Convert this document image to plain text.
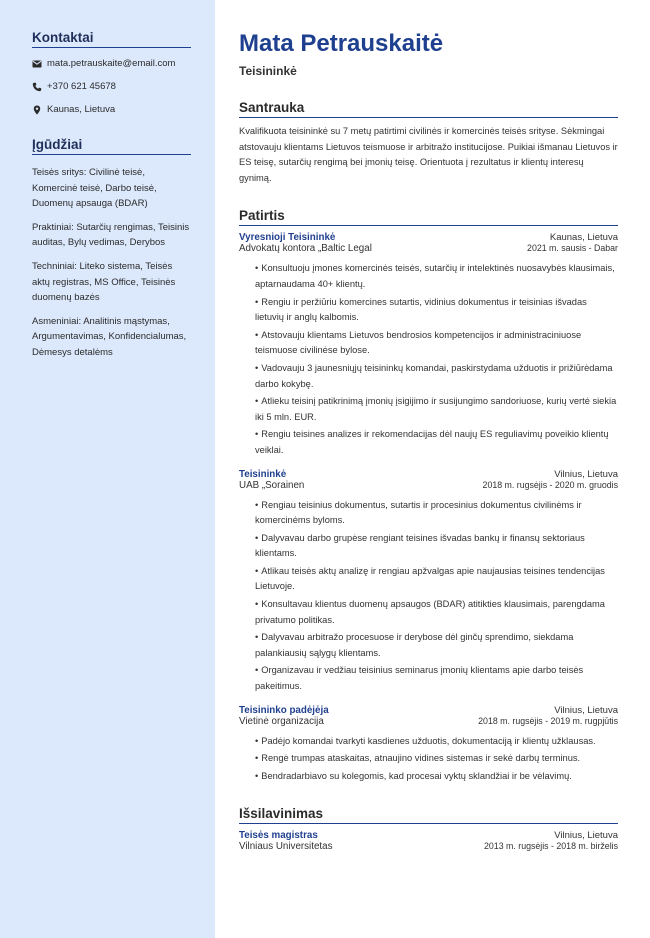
Kontaktai
mata.petrauskaite@email.com
+370 621 45678
Kaunas, Lietuva
Įgūdžiai
Teisės sritys: Civilinė teisė, Komercinė teisė, Darbo teisė, Duomenų apsauga (BDAR)
Praktiniai: Sutarčių rengimas, Teisinis auditas, Bylų vedimas, Derybos
Techniniai: Liteko sistema, Teisės aktų registras, MS Office, Teisinės duomenų bazės
Asmeniniai: Analitinis mąstymas, Argumentavimas, Konfidencialumas, Dėmesys detalėms
Mata Petrauskaitė
Teisininkė
Santrauka
Kvalifikuota teisininkė su 7 metų patirtimi civilinės ir komercinės teisės srityse. Sėkmingai atstovauju klientams Lietuvos teismuose ir arbitražo institucijose. Puikiai išmanau Lietuvos ir ES teisę, sutarčių rengimą bei įmonių teisę. Orientuota į rezultatus ir klientų interesų gynimą.
Patirtis
Vyresnioji Teisininkė	Kaunas, Lietuva
Advokatų kontora „Baltic Legal	2021 m. sausis - Dabar
• Konsultuoju įmones komercinės teisės, sutarčių ir intelektinės nuosavybės klausimais, aptarnaudama 40+ klientų.
• Rengiu ir peržiūriu komercines sutartis, vidinius dokumentus ir teisinias išvadas lietuvių ir anglų kalbomis.
• Atstovauju klientams Lietuvos bendrosios kompetencijos ir administraciniuose teismuose civilinėse bylose.
• Vadovauju 3 jaunesniųjų teisininkų komandai, paskirstydama užduotis ir prižiūrėdama darbo kokybę.
• Atlieku teisinį patikrinimą įmonių įsigijimo ir susijungimo sandoriuose, kurių vertė siekia iki 5 mln. EUR.
• Rengiu teisines analizes ir rekomendacijas dėl naujų ES reguliavimų poveikio klientų veiklai.
Teisininkė	Vilnius, Lietuva
UAB „Sorainen	2018 m. rugsėjis - 2020 m. gruodis
• Rengiau teisinius dokumentus, sutartis ir procesinius dokumentus civilinėms ir komercinėms byloms.
• Dalyvavau darbo grupėse rengiant teisines išvadas bankų ir finansų sektoriaus klientams.
• Atlikau teisės aktų analizę ir rengiau apžvalgas apie naujausias teisines tendencijas Lietuvoje.
• Konsultavau klientus duomenų apsaugos (BDAR) atitikties klausimais, parengdama privatumo politikas.
• Dalyvavau arbitražo procesuose ir derybose dėl ginčų sprendimo, siekdama palankiausių sąlygų klientams.
• Organizavau ir vedžiau teisinius seminarus įmonių klientams apie darbo teisės pakeitimus.
Teisininko padėjėja	Vilnius, Lietuva
Vietinė organizacija	2018 m. rugsėjis - 2019 m. rugpjūtis
• Padėjo komandai tvarkyti kasdienes užduotis, dokumentaciją ir klientų užklausas.
• Rengė trumpas ataskaitas, atnaujino vidines sistemas ir sekė darbų terminus.
• Bendradarbiavo su kolegomis, kad procesai vyktų sklandžiai ir be vėlavimų.
Išsilavinimas
Teisės magistras	Vilnius, Lietuva
Vilniaus Universitetas	2013 m. rugsėjis - 2018 m. birželis
